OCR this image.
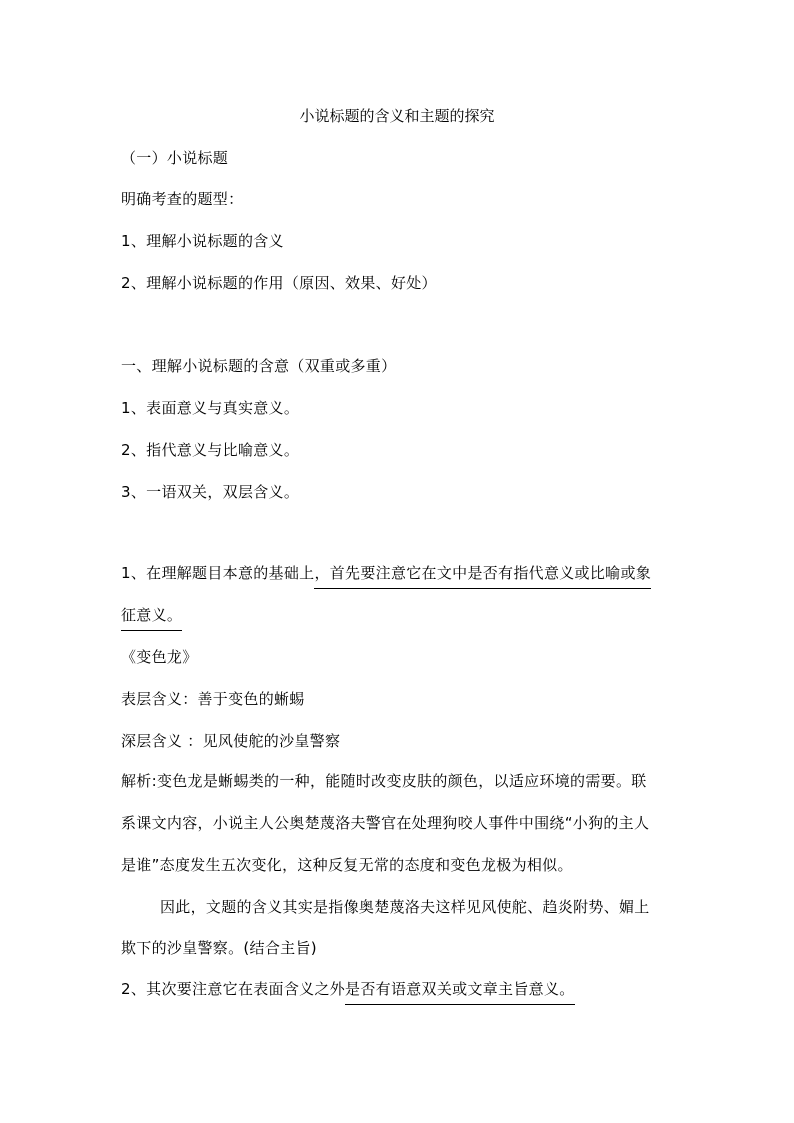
小说标题的含义和主题的探究
（一）小说标题
明确考查的题型：
1、理解小说标题的含义
2、理解小说标题的作用（原因、效果、好处）
一、理解小说标题的含意（双重或多重）
1、表面意义与真实意义。
2、指代意义与比喻意义。
3、一语双关，双层含义。
1、在理解题目本意的基础上，首先要注意它在文中是否有指代意义或比喻或象
征意义。
《变色龙》
表层含义：善于变色的蜥蜴
深层含义 ：见风使舵的沙皇警察
解析:变色龙是蜥蜴类的一种，能随时改变皮肤的颜色，以适应环境的需要。联
系课文内容，小说主人公奥楚蔑洛夫警官在处理狗咬人事件中围绕“小狗的主人
是谁”态度发生五次变化，这种反复无常的态度和变色龙极为相似。
因此，文题的含义其实是指像奥楚蔑洛夫这样见风使舵、趋炎附势、媚上
欺下的沙皇警察。(结合主旨)
2、其次要注意它在表面含义之外是否有语意双关或文章主旨意义。
